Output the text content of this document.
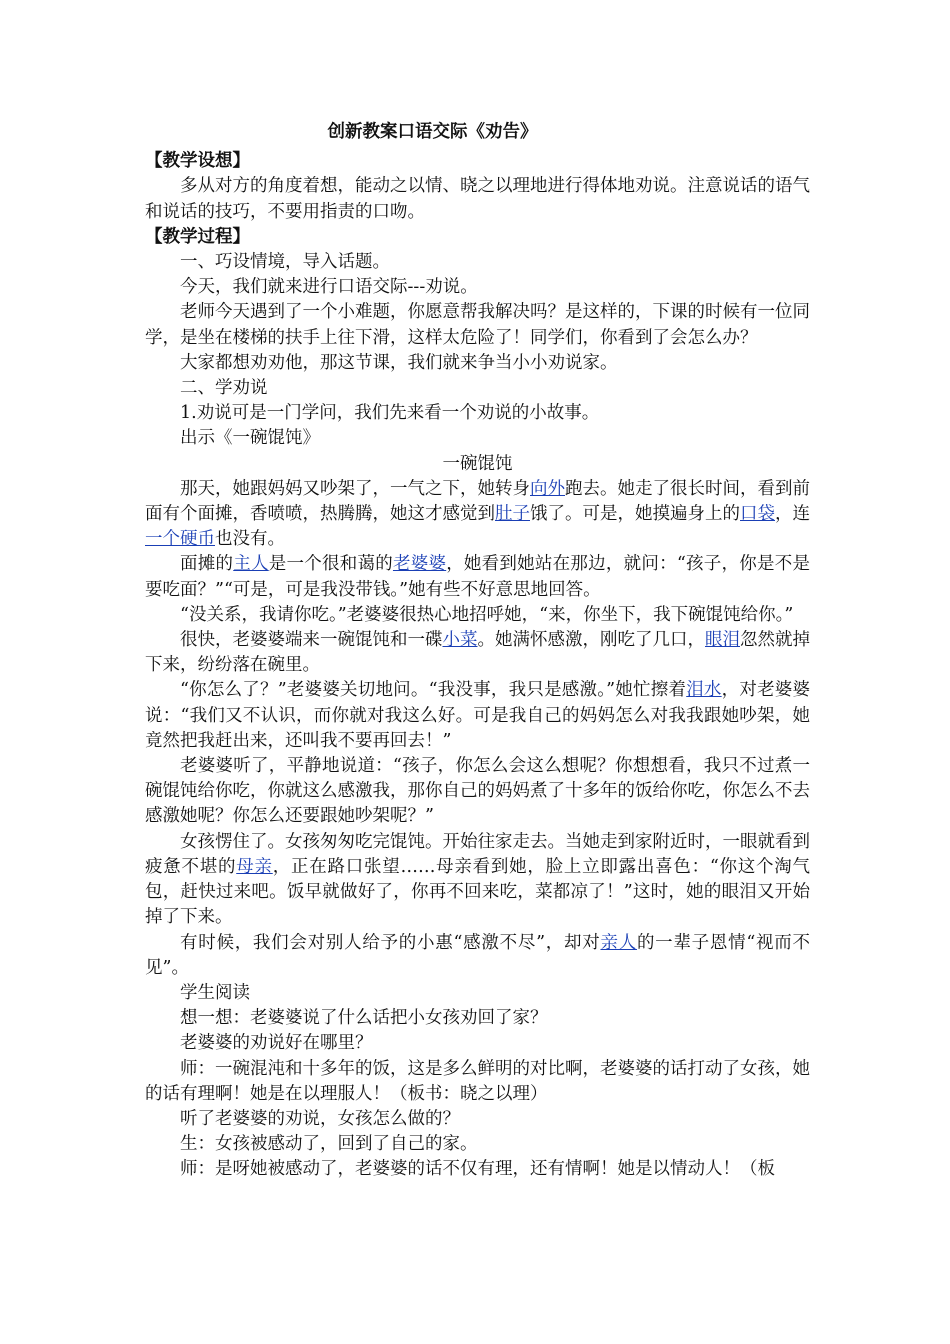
创新教案口语交际《劝告》

【教学设想】

多从对方的角度着想，能动之以情、晓之以理地进行得体地劝说。注意说话的语气和说话的技巧，不要用指责的口吻。

【教学过程】

一、巧设情境，导入话题。

今天，我们就来进行口语交际---劝说。

老师今天遇到了一个小难题，你愿意帮我解决吗？是这样的，下课的时候有一位同学，是坐在楼梯的扶手上往下滑，这样太危险了！同学们，你看到了会怎么办？

大家都想劝劝他，那这节课，我们就来争当小小劝说家。

二、学劝说

1.劝说可是一门学问，我们先来看一个劝说的小故事。

出示《一碗馄饨》

一碗馄饨

那天，她跟妈妈又吵架了，一气之下，她转身向外跑去。她走了很长时间，看到前面有个面摊，香喷喷，热腾腾，她这才感觉到肚子饿了。可是，她摸遍身上的口袋，连一个硬币也没有。

面摊的主人是一个很和蔼的老婆婆，她看到她站在那边，就问：“孩子，你是不是要吃面？”“可是，可是我没带钱。”她有些不好意思地回答。

“没关系，我请你吃。”老婆婆很热心地招呼她，“来，你坐下，我下碗馄饨给你。”

很快，老婆婆端来一碗馄饨和一碟小菜。她满怀感激，刚吃了几口，眼泪忽然就掉下来，纷纷落在碗里。

“你怎么了？”老婆婆关切地问。“我没事，我只是感激。”她忙擦着泪水，对老婆婆说：“我们又不认识，而你就对我这么好。可是我自己的妈妈怎么对我我跟她吵架，她竟然把我赶出来，还叫我不要再回去！”

老婆婆听了，平静地说道：“孩子，你怎么会这么想呢？你想想看，我只不过煮一碗馄饨给你吃，你就这么感激我，那你自己的妈妈煮了十多年的饭给你吃，你怎么不去感激她呢？你怎么还要跟她吵架呢？”

女孩愣住了。女孩匆匆吃完馄饨。开始往家走去。当她走到家附近时，一眼就看到疲惫不堪的母亲，正在路口张望……母亲看到她，脸上立即露出喜色：“你这个淘气包，赶快过来吧。饭早就做好了，你再不回来吃，菜都凉了！”这时，她的眼泪又开始掉了下来。

有时候，我们会对别人给予的小惠“感激不尽”，却对亲人的一辈子恩情“视而不见”。

学生阅读

想一想：老婆婆说了什么话把小女孩劝回了家？

老婆婆的劝说好在哪里？

师：一碗混沌和十多年的饭，这是多么鲜明的对比啊，老婆婆的话打动了女孩，她的话有理啊！她是在以理服人！（板书：晓之以理）

听了老婆婆的劝说，女孩怎么做的？

生：女孩被感动了，回到了自己的家。

师：是呀她被感动了，老婆婆的话不仅有理，还有情啊！她是以情动人！（板
